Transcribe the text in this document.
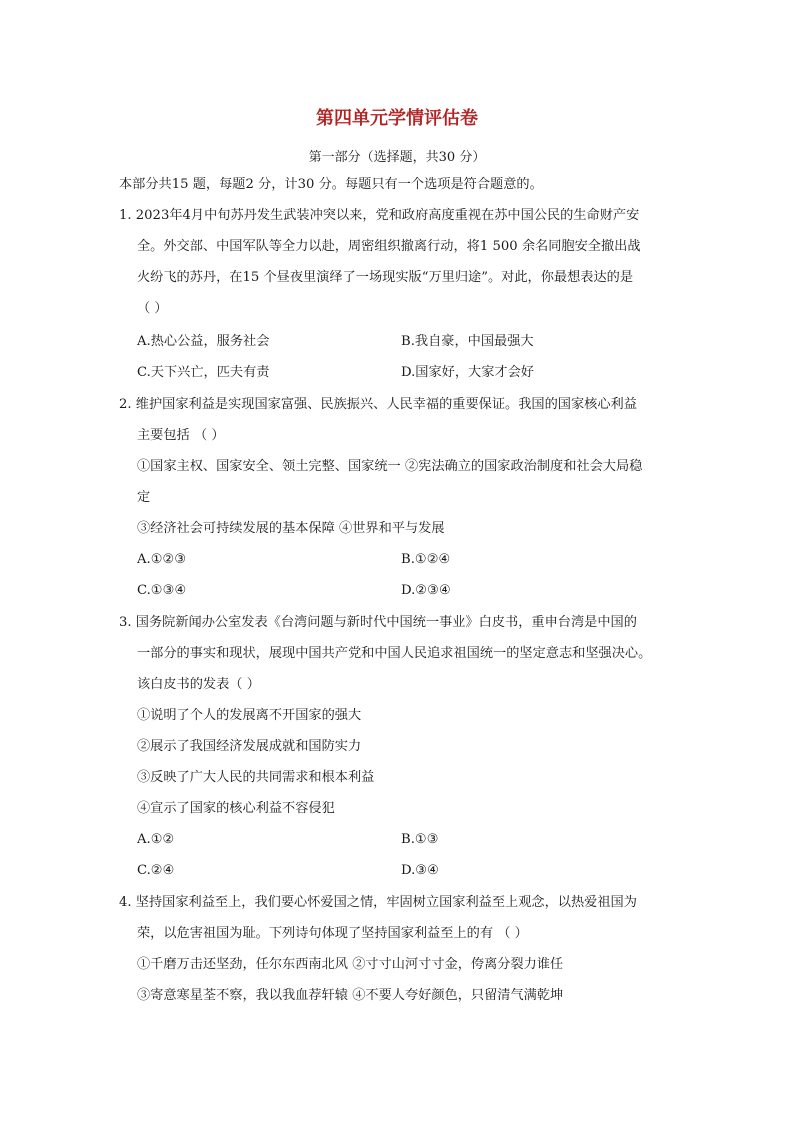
第四单元学情评估卷
第一部分（选择题，共30 分）
本部分共15 题，每题2 分，计30 分。每题只有一个选项是符合题意的。
1. 2023年4月中旬苏丹发生武装冲突以来，党和政府高度重视在苏中国公民的生命财产安
全。外交部、中国军队等全力以赴，周密组织撤离行动，将1 500 余名同胞安全撤出战
火纷飞的苏丹，在15 个昼夜里演绎了一场现实版“万里归途”。对此，你最想表达的是
（ ）
A.热心公益，服务社会	B.我自豪，中国最强大
C.天下兴亡，匹夫有责	D.国家好，大家才会好
2. 维护国家利益是实现国家富强、民族振兴、人民幸福的重要保证。我国的国家核心利益
主要包括 （ ）
①国家主权、国家安全、领土完整、国家统一 ②宪法确立的国家政治制度和社会大局稳
定
③经济社会可持续发展的基本保障 ④世界和平与发展
A.①②③	B.①②④
C.①③④	D.②③④
3. 国务院新闻办公室发表《台湾问题与新时代中国统一事业》白皮书，重申台湾是中国的
一部分的事实和现状，展现中国共产党和中国人民追求祖国统一的坚定意志和坚强决心。
该白皮书的发表（ ）
①说明了个人的发展离不开国家的强大
②展示了我国经济发展成就和国防实力
③反映了广大人民的共同需求和根本利益
④宣示了国家的核心利益不容侵犯
A.①②	B.①③
C.②④	D.③④
4. 坚持国家利益至上，我们要心怀爱国之情，牢固树立国家利益至上观念，以热爱祖国为
荣，以危害祖国为耻。下列诗句体现了坚持国家利益至上的有 （ ）
①千磨万击还坚劲，任尔东西南北风 ②寸寸山河寸寸金，侉离分裂力谁任
③寄意寒星荃不察，我以我血荐轩辕 ④不要人夸好颜色，只留清气满乾坤
